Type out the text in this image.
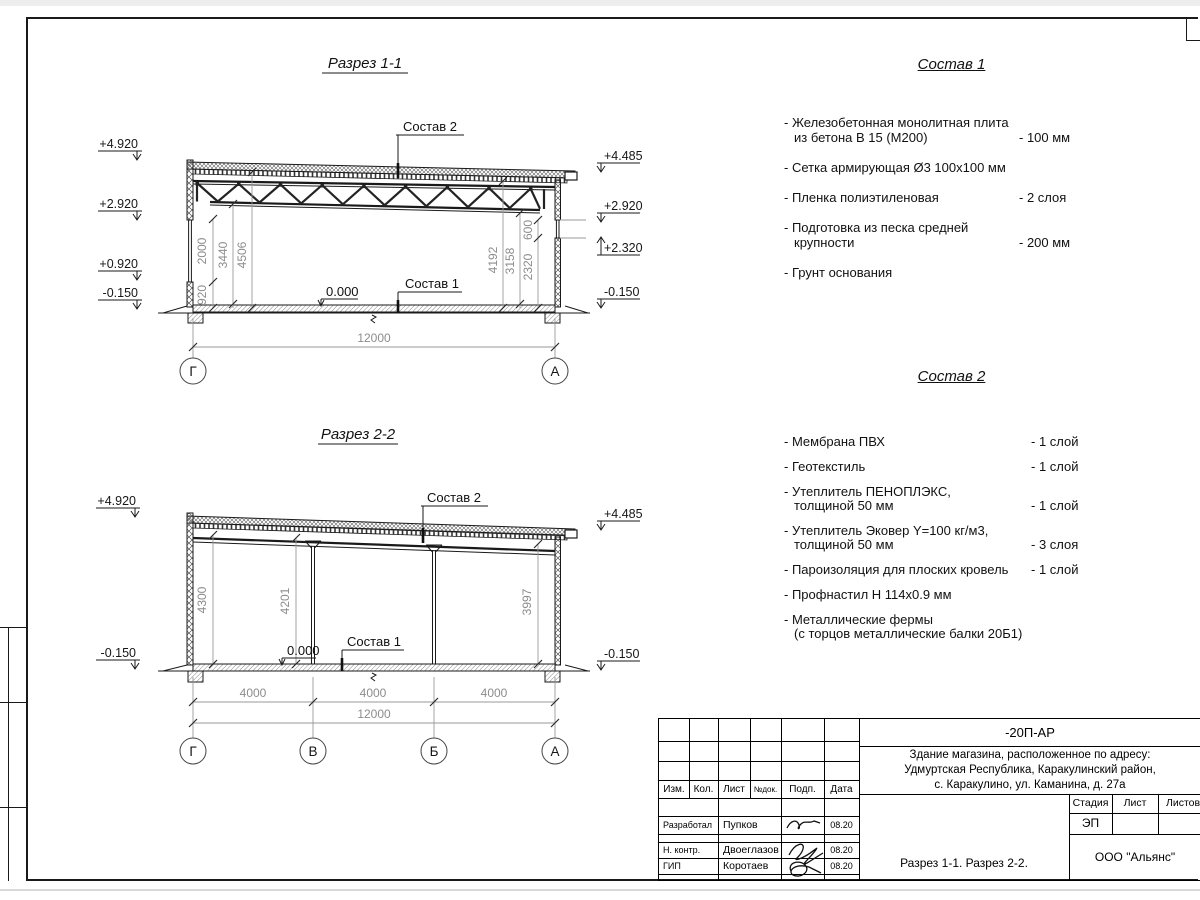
Разрез 1-1
920
2000 3440 4506	4192 3158 2320
600
12000
Г	А
+4.920
+2.920
+0.920
-0.150
+4.485
+2.920
+2.320
-0.150
Состав 2
Состав 1
0.000
Разрез 2-2
4300	4201	3997
4000	4000	4000
12000
Г	В	Б	А
+4.920
-0.150
+4.485
-0.150
Состав 2
Состав 1
0.000
Состав 1
- Железобетонная монолитная плита
из бетона В 15 (М200)	- 100 мм
- Сетка армирующая Ø3 100x100 мм
- Пленка полиэтиленовая	- 2 слоя
- Подготовка из песка средней
крупности	- 200 мм
- Грунт основания
Состав 2
- Мембрана ПВХ	- 1 слой
- Геотекстиль	- 1 слой
- Утеплитель ПЕНОПЛЭКС,
толщиной 50 мм	- 1 слой
- Утеплитель Эковер Y=100 кг/м3,
толщиной 50 мм	- 3 слоя
- Пароизоляция для плоских кровель	- 1 слой
- Профнастил Н 114x0.9 мм
- Металлические фермы
(с торцов металлические балки 20Б1)
Изм. Кол. Лист	№док.	Подп.	Дата
Разработал Пупков	08.20
Н. контр. Двоеглазов	08.20
ГИП	Коротаев	08.20
-20П-АР
Здание магазина, расположенное по адресу:
Удмуртская Республика, Каракулинский район,
с. Каракулино, ул. Каманина, д. 27а
Стадия	Лист	Листов
ЭП
Разрез 1-1. Разрез 2-2.	ООО "Альянс"
